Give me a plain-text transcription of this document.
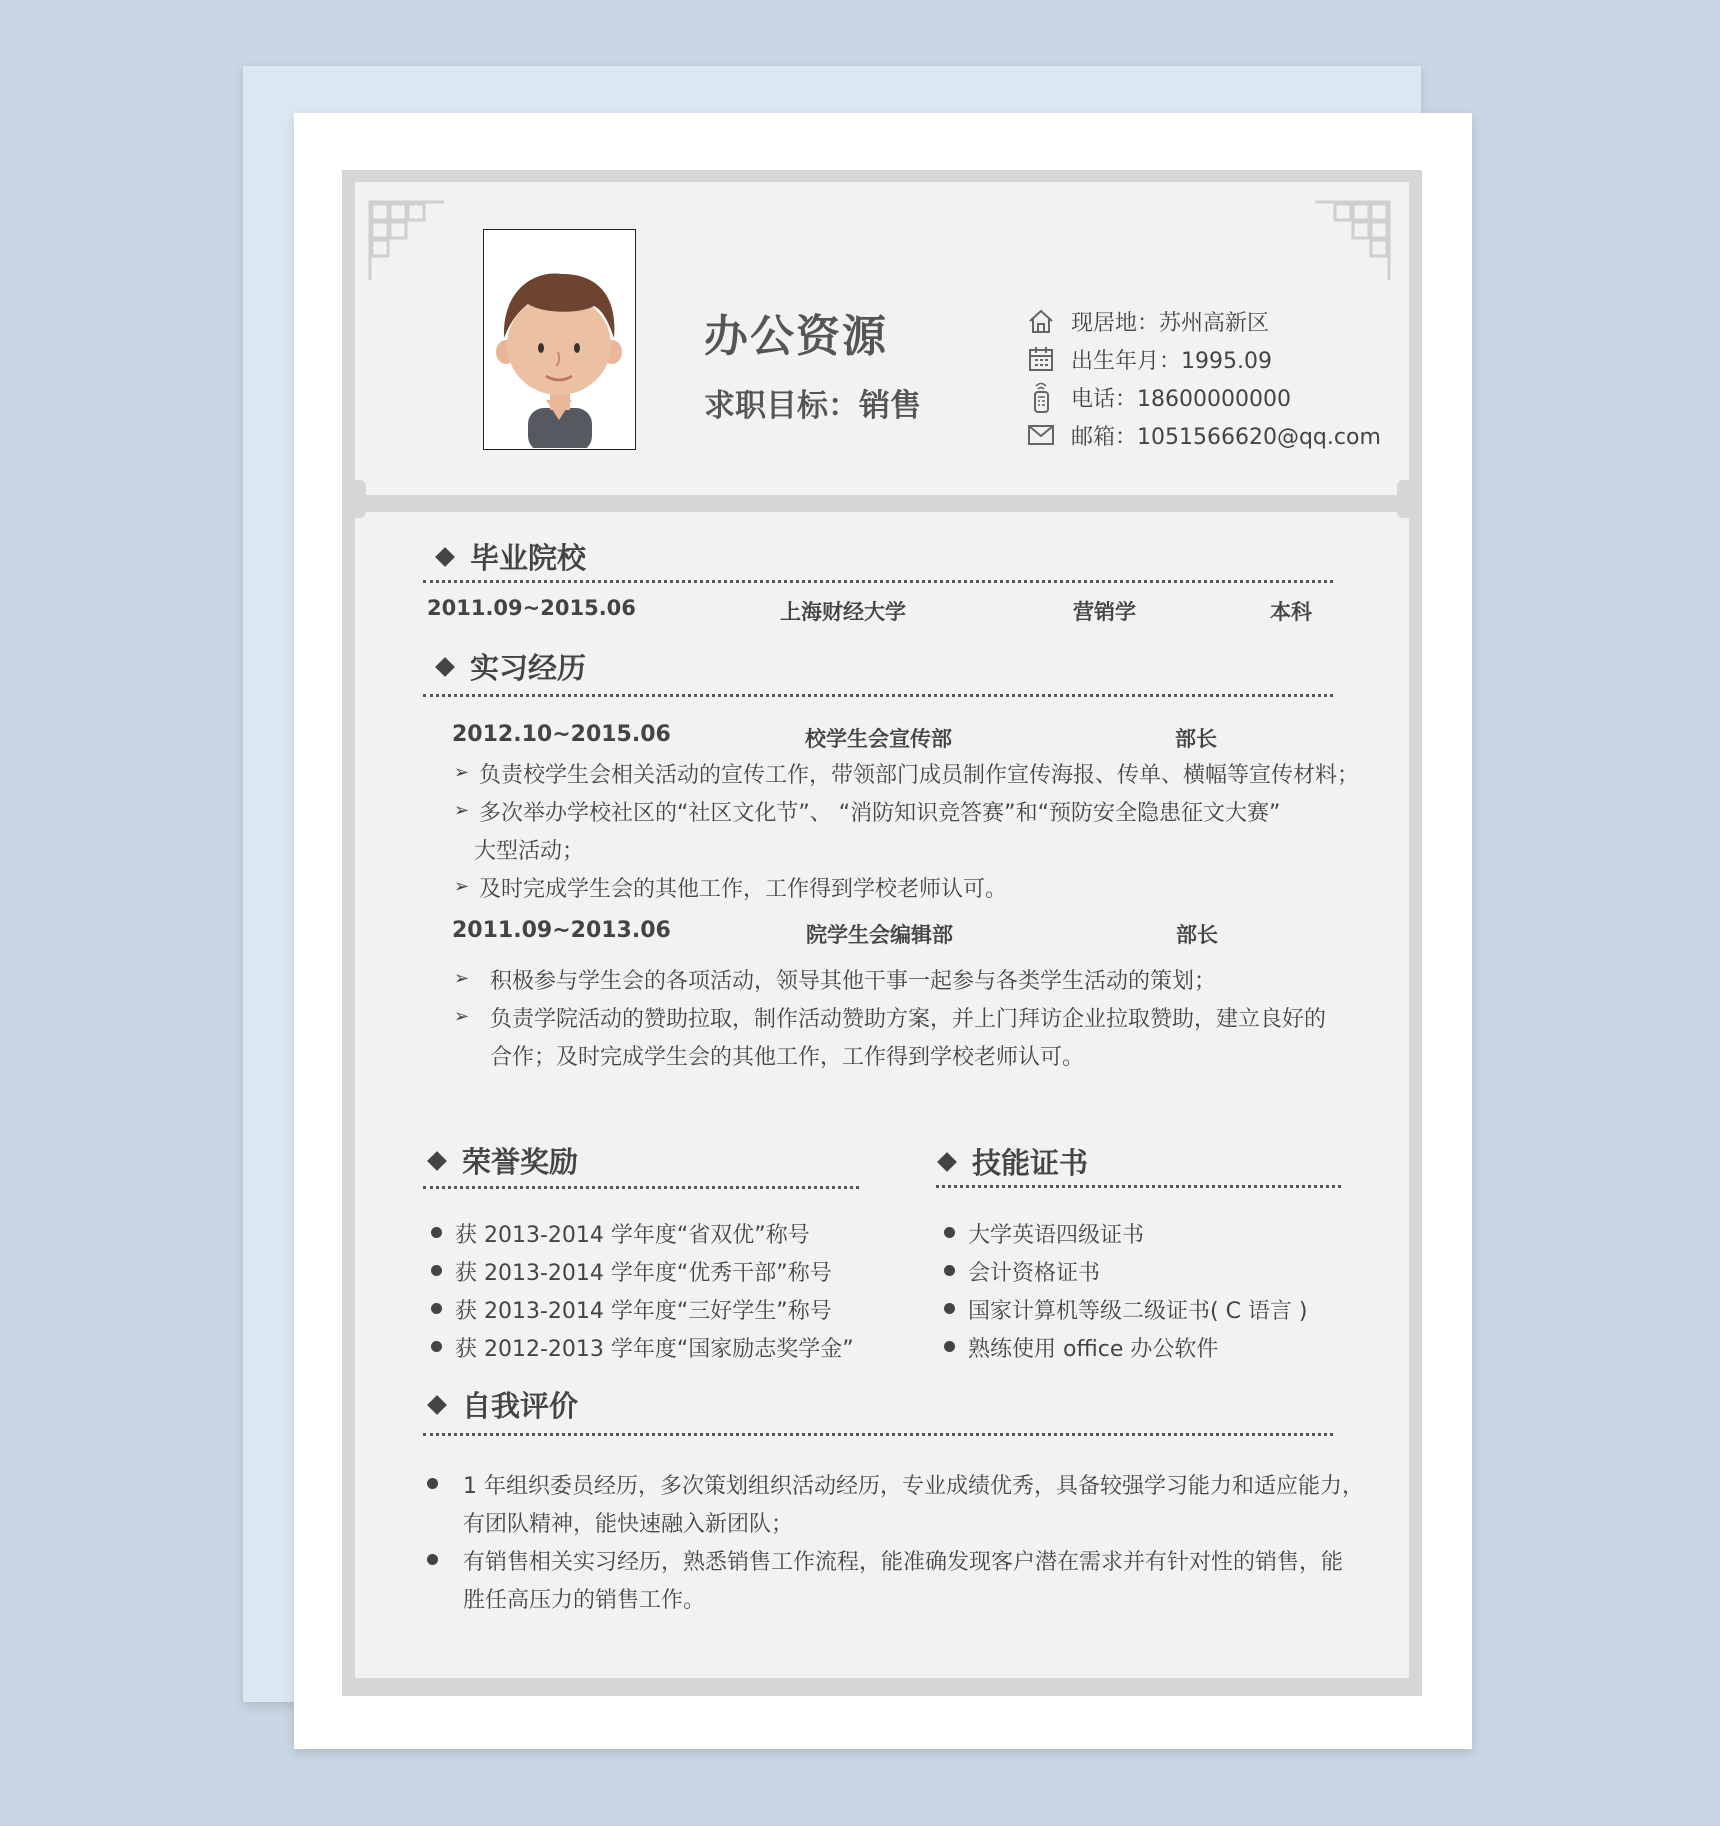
办公资源
求职目标：销售
现居地：苏州高新区
出生年月：1995.09
电话：18600000000
邮箱：1051566620@qq.com
毕业院校
2011.09~2015.06	上海财经大学	营销学	本科
实习经历
2012.10~2015.06	校学生会宣传部	部长
➢ 负责校学生会相关活动的宣传工作，带领部门成员制作宣传海报、传单、横幅等宣传材料；
➢ 多次举办学校社区的“社区文化节”、 “消防知识竞答赛”和“预防安全隐患征文大赛”
大型活动；
➢ 及时完成学生会的其他工作，工作得到学校老师认可。
2011.09~2013.06	院学生会编辑部	部长
➢ 积极参与学生会的各项活动，领导其他干事一起参与各类学生活动的策划；
➢ 负责学院活动的赞助拉取，制作活动赞助方案，并上门拜访企业拉取赞助，建立良好的
合作；及时完成学生会的其他工作，工作得到学校老师认可。
荣誉奖励
获 2013-2014 学年度“省双优”称号
获 2013-2014 学年度“优秀干部”称号
获 2013-2014 学年度“三好学生”称号
获 2012-2013 学年度“国家励志奖学金”
技能证书
大学英语四级证书
会计资格证书
国家计算机等级二级证书( C 语言 )
熟练使用 office 办公软件
自我评价
1 年组织委员经历，多次策划组织活动经历，专业成绩优秀，具备较强学习能力和适应能力，
有团队精神，能快速融入新团队；
有销售相关实习经历，熟悉销售工作流程，能准确发现客户潜在需求并有针对性的销售，能
胜任高压力的销售工作。
